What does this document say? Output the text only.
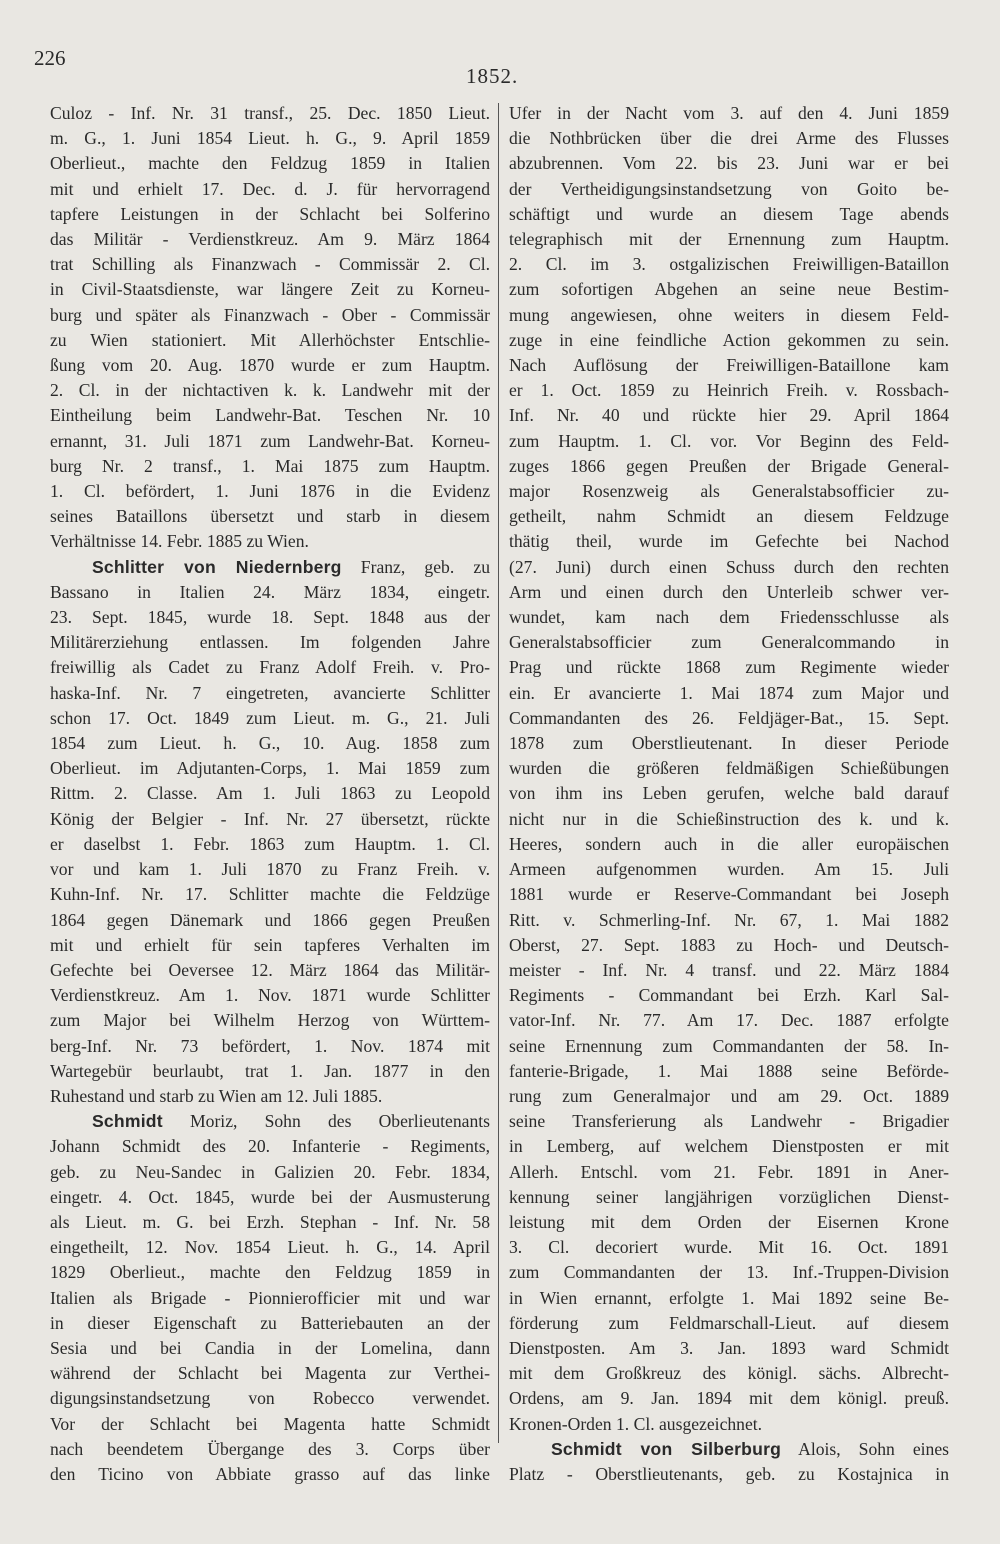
226
1852.
Culoz - Inf. Nr. 31 transf., 25. Dec. 1850 Lieut.
m. G., 1. Juni 1854 Lieut. h. G., 9. April 1859
Oberlieut., machte den Feldzug 1859 in Italien
mit und erhielt 17. Dec. d. J. für hervorragend
tapfere Leistungen in der Schlacht bei Solferino
das Militär - Verdienstkreuz. Am 9. März 1864
trat Schilling als Finanzwach - Commissär 2. Cl.
in Civil-Staatsdienste, war längere Zeit zu Korneu-
burg und später als Finanzwach - Ober - Commissär
zu Wien stationiert. Mit Allerhöchster Entschlie-
ßung vom 20. Aug. 1870 wurde er zum Hauptm.
2. Cl. in der nichtactiven k. k. Landwehr mit der
Eintheilung beim Landwehr-Bat. Teschen Nr. 10
ernannt, 31. Juli 1871 zum Landwehr-Bat. Korneu-
burg Nr. 2 transf., 1. Mai 1875 zum Hauptm.
1. Cl. befördert, 1. Juni 1876 in die Evidenz
seines Bataillons übersetzt und starb in diesem
Verhältnisse 14. Febr. 1885 zu Wien.
Schlitter von Niedernberg Franz, geb. zu
Bassano in Italien 24. März 1834, eingetr.
23. Sept. 1845, wurde 18. Sept. 1848 aus der
Militärerziehung entlassen. Im folgenden Jahre
freiwillig als Cadet zu Franz Adolf Freih. v. Pro-
haska-Inf. Nr. 7 eingetreten, avancierte Schlitter
schon 17. Oct. 1849 zum Lieut. m. G., 21. Juli
1854 zum Lieut. h. G., 10. Aug. 1858 zum
Oberlieut. im Adjutanten-Corps, 1. Mai 1859 zum
Rittm. 2. Classe. Am 1. Juli 1863 zu Leopold
König der Belgier - Inf. Nr. 27 übersetzt, rückte
er daselbst 1. Febr. 1863 zum Hauptm. 1. Cl.
vor und kam 1. Juli 1870 zu Franz Freih. v.
Kuhn-Inf. Nr. 17. Schlitter machte die Feldzüge
1864 gegen Dänemark und 1866 gegen Preußen
mit und erhielt für sein tapferes Verhalten im
Gefechte bei Oeversee 12. März 1864 das Militär-
Verdienstkreuz. Am 1. Nov. 1871 wurde Schlitter
zum Major bei Wilhelm Herzog von Württem-
berg-Inf. Nr. 73 befördert, 1. Nov. 1874 mit
Wartegebür beurlaubt, trat 1. Jan. 1877 in den
Ruhestand und starb zu Wien am 12. Juli 1885.
Schmidt Moriz, Sohn des Oberlieutenants
Johann Schmidt des 20. Infanterie - Regiments,
geb. zu Neu-Sandec in Galizien 20. Febr. 1834,
eingetr. 4. Oct. 1845, wurde bei der Ausmusterung
als Lieut. m. G. bei Erzh. Stephan - Inf. Nr. 58
eingetheilt, 12. Nov. 1854 Lieut. h. G., 14. April
1829 Oberlieut., machte den Feldzug 1859 in
Italien als Brigade - Pionnierofficier mit und war
in dieser Eigenschaft zu Batteriebauten an der
Sesia und bei Candia in der Lomelina, dann
während der Schlacht bei Magenta zur Verthei-
digungsinstandsetzung von Robecco verwendet.
Vor der Schlacht bei Magenta hatte Schmidt
nach beendetem Übergange des 3. Corps über
den Ticino von Abbiate grasso auf das linke
Ufer in der Nacht vom 3. auf den 4. Juni 1859
die Nothbrücken über die drei Arme des Flusses
abzubrennen. Vom 22. bis 23. Juni war er bei
der Vertheidigungsinstandsetzung von Goito be-
schäftigt und wurde an diesem Tage abends
telegraphisch mit der Ernennung zum Hauptm.
2. Cl. im 3. ostgalizischen Freiwilligen-Bataillon
zum sofortigen Abgehen an seine neue Bestim-
mung angewiesen, ohne weiters in diesem Feld-
zuge in eine feindliche Action gekommen zu sein.
Nach Auflösung der Freiwilligen-Bataillone kam
er 1. Oct. 1859 zu Heinrich Freih. v. Rossbach-
Inf. Nr. 40 und rückte hier 29. April 1864
zum Hauptm. 1. Cl. vor. Vor Beginn des Feld-
zuges 1866 gegen Preußen der Brigade General-
major Rosenzweig als Generalstabsofficier zu-
getheilt, nahm Schmidt an diesem Feldzuge
thätig theil, wurde im Gefechte bei Nachod
(27. Juni) durch einen Schuss durch den rechten
Arm und einen durch den Unterleib schwer ver-
wundet, kam nach dem Friedensschlusse als
Generalstabsofficier zum Generalcommando in
Prag und rückte 1868 zum Regimente wieder
ein. Er avancierte 1. Mai 1874 zum Major und
Commandanten des 26. Feldjäger-Bat., 15. Sept.
1878 zum Oberstlieutenant. In dieser Periode
wurden die größeren feldmäßigen Schießübungen
von ihm ins Leben gerufen, welche bald darauf
nicht nur in die Schießinstruction des k. und k.
Heeres, sondern auch in die aller europäischen
Armeen aufgenommen wurden. Am 15. Juli
1881 wurde er Reserve-Commandant bei Joseph
Ritt. v. Schmerling-Inf. Nr. 67, 1. Mai 1882
Oberst, 27. Sept. 1883 zu Hoch- und Deutsch-
meister - Inf. Nr. 4 transf. und 22. März 1884
Regiments - Commandant bei Erzh. Karl Sal-
vator-Inf. Nr. 77. Am 17. Dec. 1887 erfolgte
seine Ernennung zum Commandanten der 58. In-
fanterie-Brigade, 1. Mai 1888 seine Beförde-
rung zum Generalmajor und am 29. Oct. 1889
seine Transferierung als Landwehr - Brigadier
in Lemberg, auf welchem Dienstposten er mit
Allerh. Entschl. vom 21. Febr. 1891 in Aner-
kennung seiner langjährigen vorzüglichen Dienst-
leistung mit dem Orden der Eisernen Krone
3. Cl. decoriert wurde. Mit 16. Oct. 1891
zum Commandanten der 13. Inf.-Truppen-Division
in Wien ernannt, erfolgte 1. Mai 1892 seine Be-
förderung zum Feldmarschall-Lieut. auf diesem
Dienstposten. Am 3. Jan. 1893 ward Schmidt
mit dem Großkreuz des königl. sächs. Albrecht-
Ordens, am 9. Jan. 1894 mit dem königl. preuß.
Kronen-Orden 1. Cl. ausgezeichnet.
Schmidt von Silberburg Alois, Sohn eines
Platz - Oberstlieutenants, geb. zu Kostajnica in
